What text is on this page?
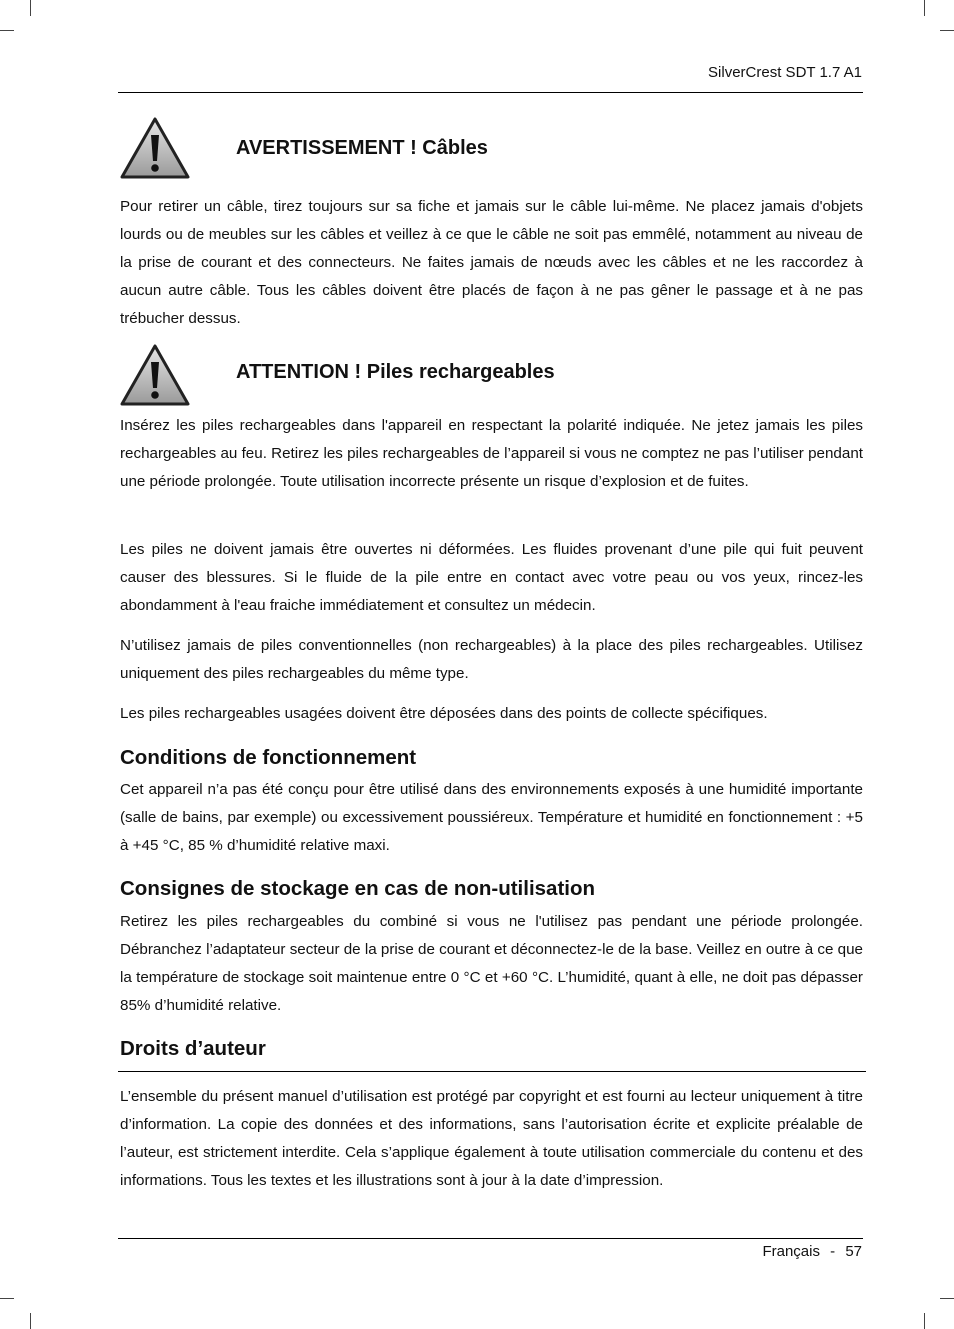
SilverCrest SDT 1.7 A1
AVERTISSEMENT ! Câbles

Pour retirer un câble, tirez toujours sur sa fiche et jamais sur le câble lui-même. Ne placez jamais d'objets lourds ou de meubles sur les câbles et veillez à ce que le câble ne soit pas emmêlé, notamment au niveau de la prise de courant et des connecteurs. Ne faites jamais de nœuds avec les câbles et ne les raccordez à aucun autre câble. Tous les câbles doivent être placés de façon à ne pas gêner le passage et à ne pas trébucher dessus.

ATTENTION ! Piles rechargeables

Insérez les piles rechargeables dans l'appareil en respectant la polarité indiquée. Ne jetez jamais les piles rechargeables au feu. Retirez les piles rechargeables de l’appareil si vous ne comptez ne pas l’utiliser pendant une période prolongée. Toute utilisation incorrecte présente un risque d’explosion et de fuites.

Les piles ne doivent jamais être ouvertes ni déformées. Les fluides provenant d’une pile qui fuit peuvent causer des blessures. Si le fluide de la pile entre en contact avec votre peau ou vos yeux, rincez-les abondamment à l'eau fraiche immédiatement et consultez un médecin.

N’utilisez jamais de piles conventionnelles (non rechargeables) à la place des piles rechargeables. Utilisez uniquement des piles rechargeables du même type.

Les piles rechargeables usagées doivent être déposées dans des points de collecte spécifiques.

Conditions de fonctionnement

Cet appareil n’a pas été conçu pour être utilisé dans des environnements exposés à une humidité importante (salle de bains, par exemple) ou excessivement poussiéreux. Température et humidité en fonctionnement : +5 à +45 °C, 85 % d’humidité relative maxi.

Consignes de stockage en cas de non-utilisation

Retirez les piles rechargeables du combiné si vous ne l'utilisez pas pendant une période prolongée. Débranchez l’adaptateur secteur de la prise de courant et déconnectez-le de la base. Veillez en outre à ce que la température de stockage soit maintenue entre 0 °C et +60 °C. L’humidité, quant à elle, ne doit pas dépasser 85% d’humidité relative.

Droits d’auteur

L’ensemble du présent manuel d’utilisation est protégé par copyright et est fourni au lecteur uniquement à titre d’information. La copie des données et des informations, sans l’autorisation écrite et explicite préalable de l’auteur, est strictement interdite. Cela s’applique également à toute utilisation commerciale du contenu et des informations. Tous les textes et les illustrations sont à jour à la date d’impression.

Français - 57
